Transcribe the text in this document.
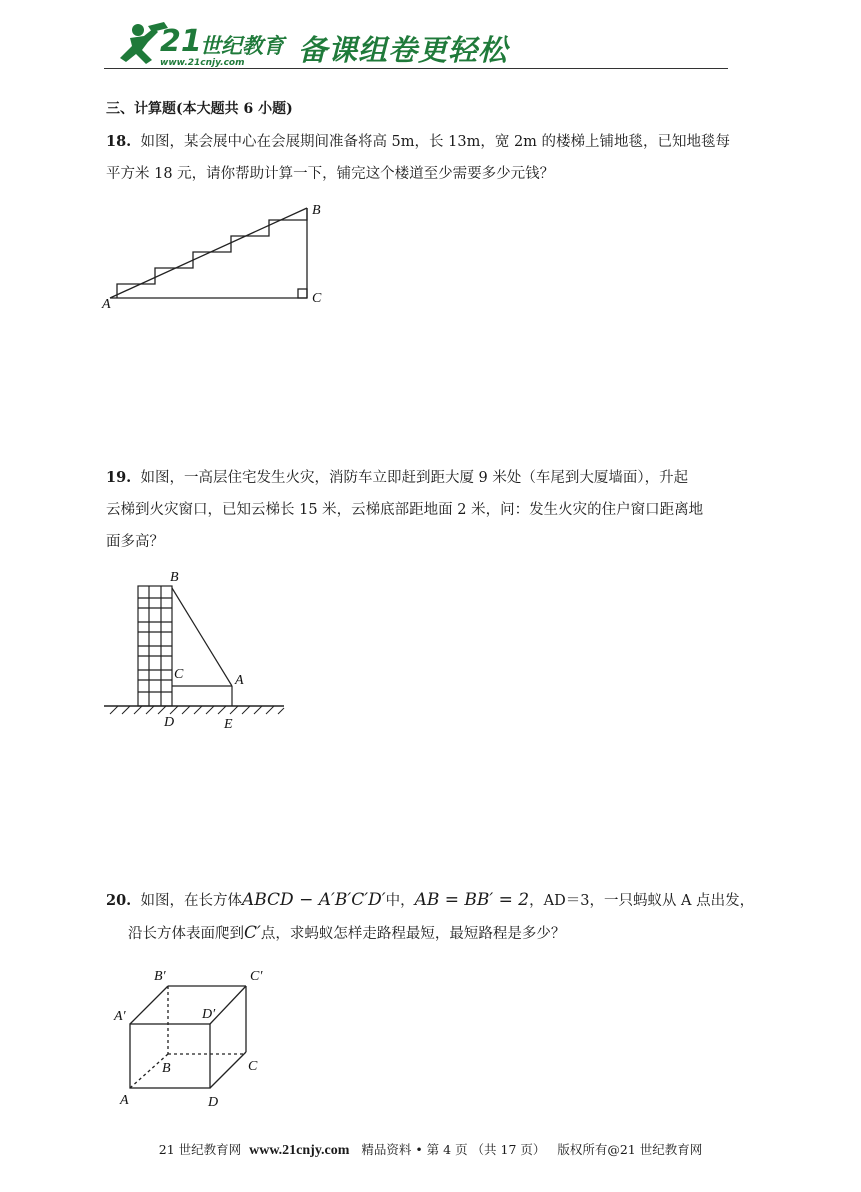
21
世纪教育
www.21cnjy.com 备课组卷更轻松
三、计算题(本大题共 6 小题)
18. 如图，某会展中心在会展期间准备将高 5m，长 13m，宽 2m 的楼梯上铺地毯，已知地毯每
平方米 18 元，请你帮助计算一下，铺完这个楼道至少需要多少元钱？
A
B
C
19. 如图，一高层住宅发生火灾，消防车立即赶到距大厦 9 米处（车尾到大厦墙面），升起
云梯到火灾窗口，已知云梯长 15 米，云梯底部距地面 2 米，问：发生火灾的住户窗口距离地
面多高？
B
C	A
D	E
20. 如图，在长方体ABCD − A′B′C′D′中，AB = BB′ = 2，AD＝3，一只蚂蚁从 A 点出发，
沿长方体表面爬到C′点，求蚂蚁怎样走路程最短，最短路程是多少？
B′	C′
A′	D′
B	C
A	D
21 世纪教育网 www.21cnjy.com 精品资料 • 第 4 页 （共 17 页） 版权所有@21 世纪教育网
